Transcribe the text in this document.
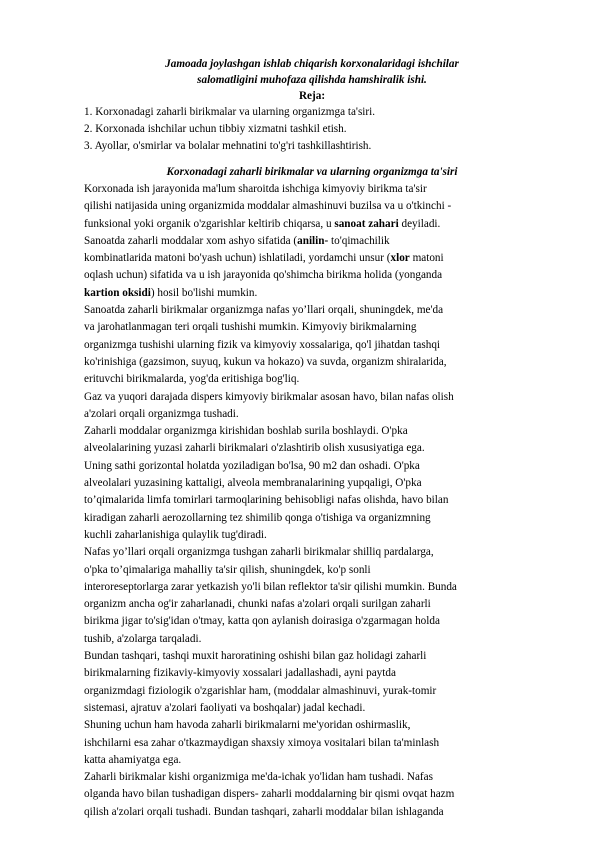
Jamoada joylashgan ishlab chiqarish korxonalaridagi ishchilar

salomatligini muhofaza qilishda hamshiralik ishi.

Reja:

1. Korxonadagi zaharli birikmalar va ularning organizmga ta'siri.

2. Korxonada ishchilar uchun tibbiy xizmatni tashkil etish.

3. Ayollar, o'smirlar va bolalar mehnatini to'g'ri tashkillashtirish.

Korxonadagi zaharli birikmalar va ularning organizmga ta'siri

Korxonada ish jarayonida ma'lum sharoitda ishchiga kimyoviy birikma ta'sir
qilishi natijasida uning organizmida moddalar almashinuvi buzilsa va u o'tkinchi -
funksional yoki organik o'zgarishlar keltirib chiqarsa, u sanoat zahari deyiladi.
Sanoatda zaharli moddalar xom ashyo sifatida (anilin- to'qimachilik
kombinatlarida matoni bo'yash uchun) ishlatiladi, yordamchi unsur (xlor matoni
oqlash uchun) sifatida va u ish jarayonida qo'shimcha birikma holida (yonganda
kartion oksidi) hosil bo'lishi mumkin.
Sanoatda zaharli birikmalar organizmga nafas yo’llari orqali, shuningdek, me'da
va jarohatlanmagan teri orqali tushishi mumkin. Kimyoviy birikmalarning
organizmga tushishi ularning fizik va kimyoviy xossalariga, qo'l jihatdan tashqi
ko'rinishiga (gazsimon, suyuq, kukun va hokazo) va suvda, organizm shiralarida,
erituvchi birikmalarda, yog'da eritishiga bog'liq.
Gaz va yuqori darajada dispers kimyoviy birikmalar asosan havo, bilan nafas olish
a'zolari orqali organizmga tushadi.
Zaharli moddalar organizmga kirishidan boshlab surila boshlaydi. O'pka
alveolalarining yuzasi zaharli birikmalari o'zlashtirib olish xususiyatiga ega.
Uning sathi gorizontal holatda yoziladigan bo'lsa, 90 m2 dan oshadi. O'pka
alveolalari yuzasining kattaligi, alveola membranalarining yupqaligi, O'pka
to’qimalarida limfa tomirlari tarmoqlarining behisobligi nafas olishda, havo bilan
kiradigan zaharli aerozollarning tez shimilib qonga o'tishiga va organizmning
kuchli zaharlanishiga qulaylik tug'diradi.
Nafas yo’llari orqali organizmga tushgan zaharli birikmalar shilliq pardalarga,
o'pka to’qimalariga mahalliy ta'sir qilish, shuningdek, ko'p sonli
interoreseptorlarga zarar yetkazish yo'li bilan reflektor ta'sir qilishi mumkin. Bunda
organizm ancha og'ir zaharlanadi, chunki nafas a'zolari orqali surilgan zaharli
birikma jigar to'sig'idan o'tmay, katta qon aylanish doirasiga o'zgarmagan holda
tushib, a'zolarga tarqaladi.
Bundan tashqari, tashqi muxit haroratining oshishi bilan gaz holidagi zaharli
birikmalarning fizikaviy-kimyoviy xossalari jadallashadi, ayni paytda
organizmdagi fiziologik o'zgarishlar ham, (moddalar almashinuvi, yurak-tomir
sistemasi, ajratuv a'zolari faoliyati va boshqalar) jadal kechadi.
Shuning uchun ham havoda zaharli birikmalarni me'yoridan oshirmaslik,
ishchilarni esa zahar o'tkazmaydigan shaxsiy ximoya vositalari bilan ta'minlash
katta ahamiyatga ega.
Zaharli birikmalar kishi organizmiga me'da-ichak yo'lidan ham tushadi. Nafas
olganda havo bilan tushadigan dispers- zaharli moddalarning bir qismi ovqat hazm
qilish a'zolari orqali tushadi. Bundan tashqari, zaharli moddalar bilan ishlaganda
